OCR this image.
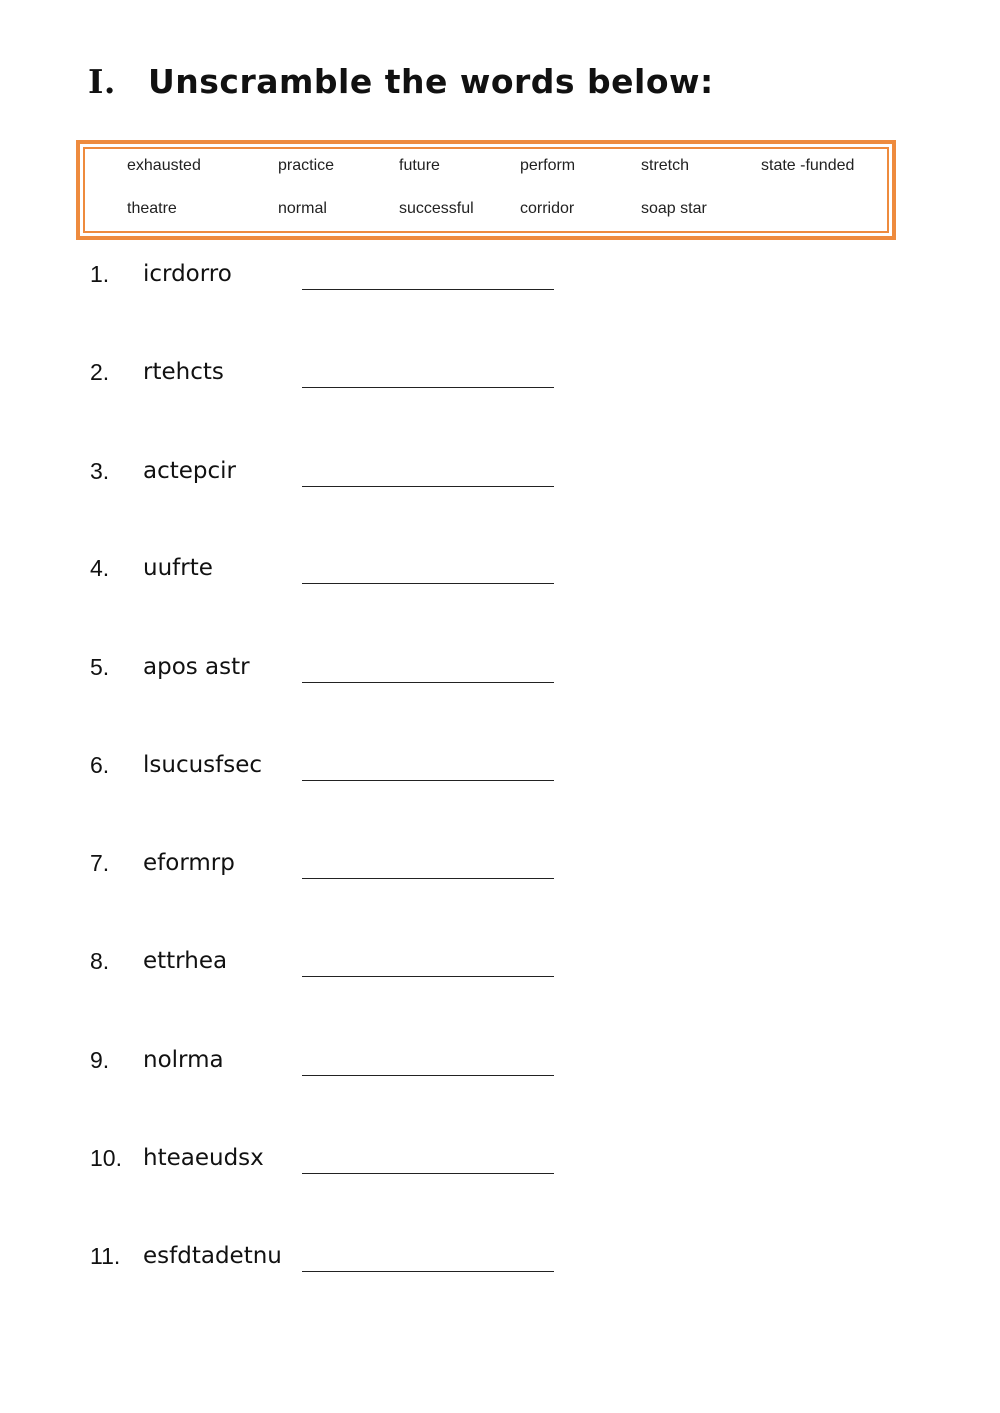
I. Unscramble the words below:
exhausted	practice	future	perform	stretch	state -funded
theatre	normal	successful	corridor	soap star
1. icrdorro
2. rtehcts
3. actepcir
4. uufrte
5. apos astr
6. lsucusfsec
7. eformrp
8. ettrhea
9. nolrma
10. hteaeudsx
11. esfdtadetnu
